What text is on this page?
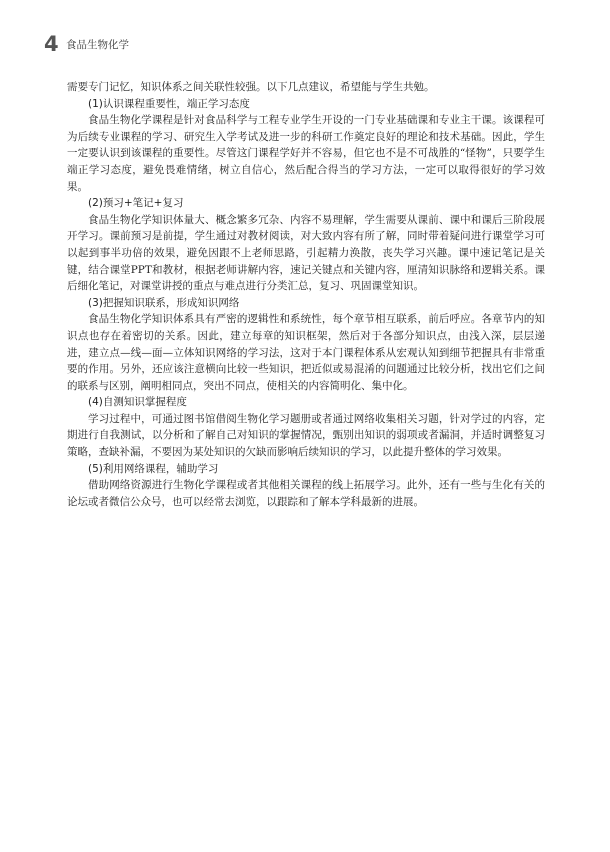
4 食品生物化学

需要专门记忆，知识体系之间关联性较强。以下几点建议，希望能与学生共勉。

(1)认识课程重要性，端正学习态度

食品生物化学课程是针对食品科学与工程专业学生开设的一门专业基础课和专业主干课。该课程可为后续专业课程的学习、研究生入学考试及进一步的科研工作奠定良好的理论和技术基础。因此，学生一定要认识到该课程的重要性。尽管这门课程学好并不容易，但它也不是不可战胜的“怪物”，只要学生端正学习态度，避免畏难情绪，树立自信心，然后配合得当的学习方法，一定可以取得很好的学习效果。

(2)预习+笔记+复习

食品生物化学知识体量大、概念繁多冗杂、内容不易理解，学生需要从课前、课中和课后三阶段展开学习。课前预习是前提，学生通过对教材阅读，对大致内容有所了解，同时带着疑问进行课堂学习可以起到事半功倍的效果，避免因跟不上老师思路，引起精力涣散，丧失学习兴趣。课中速记笔记是关键，结合课堂PPT和教材，根据老师讲解内容，速记关键点和关键内容，厘清知识脉络和逻辑关系。课后细化笔记，对课堂讲授的重点与难点进行分类汇总，复习、巩固课堂知识。

(3)把握知识联系，形成知识网络

食品生物化学知识体系具有严密的逻辑性和系统性，每个章节相互联系，前后呼应。各章节内的知识点也存在着密切的关系。因此，建立每章的知识框架，然后对于各部分知识点，由浅入深，层层递进，建立点—线—面—立体知识网络的学习法，这对于本门课程体系从宏观认知到细节把握具有非常重要的作用。另外，还应该注意横向比较一些知识，把近似或易混淆的问题通过比较分析，找出它们之间的联系与区别，阐明相同点，突出不同点，使相关的内容简明化、集中化。

(4)自测知识掌握程度

学习过程中，可通过图书馆借阅生物化学习题册或者通过网络收集相关习题，针对学过的内容，定期进行自我测试，以分析和了解自己对知识的掌握情况，甄别出知识的弱项或者漏洞，并适时调整复习策略，查缺补漏，不要因为某处知识的欠缺而影响后续知识的学习，以此提升整体的学习效果。

(5)利用网络课程，辅助学习

借助网络资源进行生物化学课程或者其他相关课程的线上拓展学习。此外，还有一些与生化有关的论坛或者微信公众号，也可以经常去浏览，以跟踪和了解本学科最新的进展。
